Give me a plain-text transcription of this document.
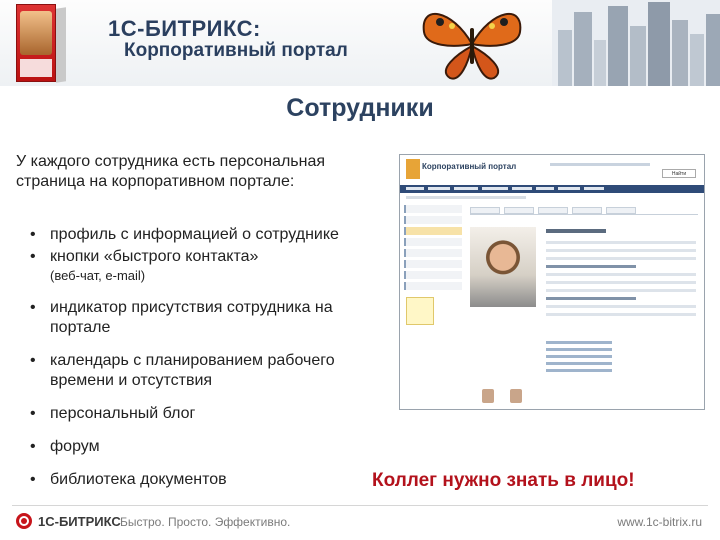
1С-БИТРИКС:
Корпоративный портал
Сотрудники
У каждого сотрудника есть персональная страница на корпоративном портале:
• профиль с информацией о сотруднике
• кнопки «быстрого контакта»
(веб-чат, e-mail)
• индикатор присутствия сотрудника на портале
• календарь с планированием рабочего времени и отсутствия
• персональный блог
• форум
• библиотека документов
Корпоративный портал
Найти
Коллег нужно знать в лицо!
1С-БИТРИКС Быстро. Просто. Эффективно.	www.1c-bitrix.ru
